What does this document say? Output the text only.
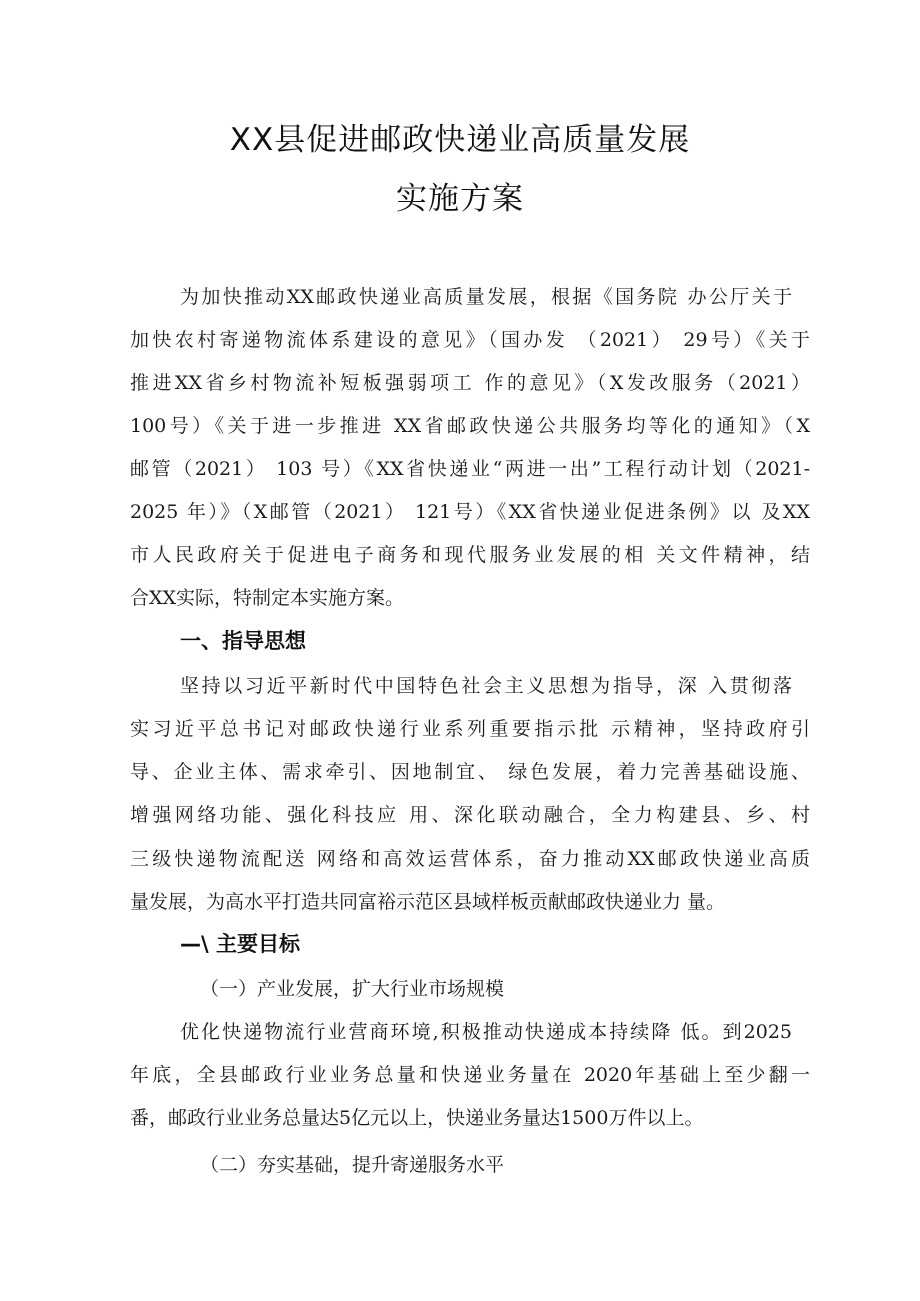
XX县促进邮政快递业高质量发展
实施方案
为加快推动XX邮政快递业高质量发展，根据《国务院 办公厅关于
加快农村寄递物流体系建设的意见》（国办发 （2021） 29号）《关于
推进XX省乡村物流补短板强弱项工 作的意见》（X发改服务（2021）
100号）《关于进一步推进 XX省邮政快递公共服务均等化的通知》（X
邮管（2021） 103 号）《XX省快递业“两进一出”工程行动计划（2021-
2025 年）》（X邮管（2021） 121号）《XX省快递业促进条例》以 及XX
市人民政府关于促进电子商务和现代服务业发展的相 关文件精神，结
合XX实际，特制定本实施方案。
一、指导思想
坚持以习近平新时代中国特色社会主义思想为指导，深 入贯彻落
实习近平总书记对邮政快递行业系列重要指示批 示精神，坚持政府引
导、企业主体、需求牵引、因地制宜、 绿色发展，着力完善基础设施、
增强网络功能、强化科技应 用、深化联动融合，全力构建县、乡、村
三级快递物流配送 网络和高效运营体系，奋力推动XX邮政快递业高质
量发展，为高水平打造共同富裕示范区县域样板贡献邮政快递业力 量。
—\ 主要目标
（一）产业发展，扩大行业市场规模
优化快递物流行业营商环境,积极推动快递成本持续降 低。到2025
年底，全县邮政行业业务总量和快递业务量在 2020年基础上至少翻一
番，邮政行业业务总量达5亿元以上，快递业务量达1500万件以上。
（二）夯实基础，提升寄递服务水平
